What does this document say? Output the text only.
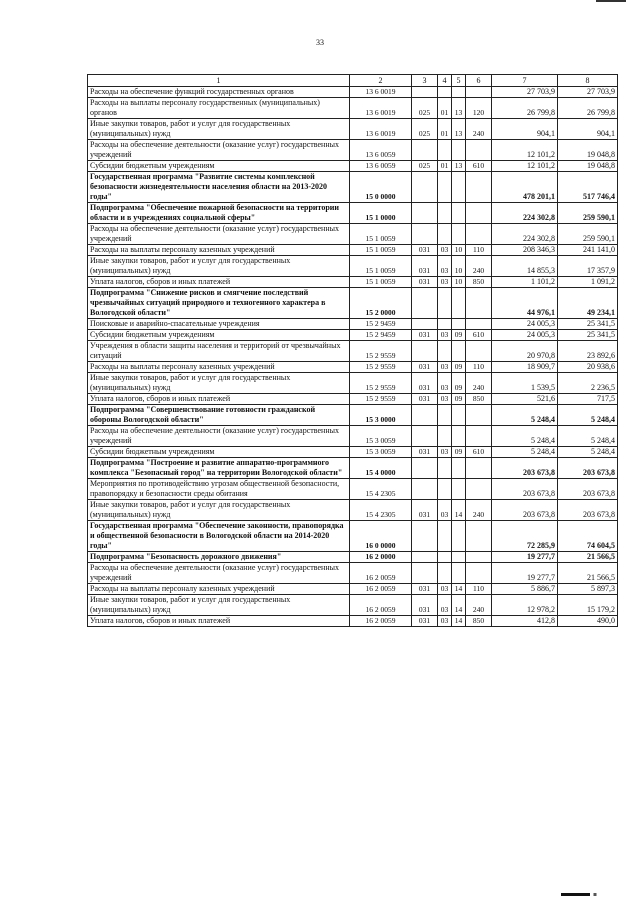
33
1	2	3	4	5	6	7	8
Расходы на обеспечение функций государственных органов	13 6 0019					27 703,9	27 703,9
Расходы на выплаты персоналу государственных (муниципальных) органов	13 6 0019	025	01	13	120	26 799,8	26 799,8
Иные закупки товаров, работ и услуг для государственных (муниципальных) нужд	13 6 0019	025	01	13	240	904,1	904,1
Расходы на обеспечение деятельности (оказание услуг) государственных учреждений	13 6 0059					12 101,2	19 048,8
Субсидии бюджетным учреждениям	13 6 0059	025	01	13	610	12 101,2	19 048,8
Государственная программа "Развитие системы комплексной безопасности жизнедеятельности населения области на 2013-2020 годы"	15 0 0000					478 201,1	517 746,4
Подпрограмма "Обеспечение пожарной безопасности на территории области и в учреждениях социальной сферы"	15 1 0000					224 302,8	259 590,1
Расходы на обеспечение деятельности (оказание услуг) государственных учреждений	15 1 0059					224 302,8	259 590,1
Расходы на выплаты персоналу казенных учреждений	15 1 0059	031	03	10	110	208 346,3	241 141,0
Иные закупки товаров, работ и услуг для государственных (муниципальных) нужд	15 1 0059	031	03	10	240	14 855,3	17 357,9
Уплата налогов, сборов и иных платежей	15 1 0059	031	03	10	850	1 101,2	1 091,2
Подпрограмма "Снижение рисков и смягчение последствий чрезвычайных ситуаций природного и техногенного характера в Вологодской области"	15 2 0000					44 976,1	49 234,1
Поисковые и аварийно-спасательные учреждения	15 2 9459					24 005,3	25 341,5
Субсидии бюджетным учреждениям	15 2 9459	031	03	09	610	24 005,3	25 341,5
Учреждения в области защиты населения и территорий от чрезвычайных ситуаций	15 2 9559					20 970,8	23 892,6
Расходы на выплаты персоналу казенных учреждений	15 2 9559	031	03	09	110	18 909,7	20 938,6
Иные закупки товаров, работ и услуг для государственных (муниципальных) нужд	15 2 9559	031	03	09	240	1 539,5	2 236,5
Уплата налогов, сборов и иных платежей	15 2 9559	031	03	09	850	521,6	717,5
Подпрограмма "Совершенствование готовности гражданской обороны Вологодской области"	15 3 0000					5 248,4	5 248,4
Расходы на обеспечение деятельности (оказание услуг) государственных учреждений	15 3 0059					5 248,4	5 248,4
Субсидии бюджетным учреждениям	15 3 0059	031	03	09	610	5 248,4	5 248,4
Подпрограмма "Построение и развитие аппаратно-программного комплекса "Безопасный город" на территории Вологодской области"	15 4 0000					203 673,8	203 673,8
Мероприятия по противодействию угрозам общественной безопасности, правопорядку и безопасности среды обитания	15 4 2305					203 673,8	203 673,8
Иные закупки товаров, работ и услуг для государственных (муниципальных) нужд	15 4 2305	031	03	14	240	203 673,8	203 673,8
Государственная программа "Обеспечение законности, правопорядка и общественной безопасности в Вологодской области на 2014-2020 годы"	16 0 0000					72 285,9	74 604,5
Подпрограмма "Безопасность дорожного движения"	16 2 0000					19 277,7	21 566,5
Расходы на обеспечение деятельности (оказание услуг) государственных учреждений	16 2 0059					19 277,7	21 566,5
Расходы на выплаты персоналу казенных учреждений	16 2 0059	031	03	14	110	5 886,7	5 897,3
Иные закупки товаров, работ и услуг для государственных (муниципальных) нужд	16 2 0059	031	03	14	240	12 978,2	15 179,2
Уплата налогов, сборов и иных платежей	16 2 0059	031	03	14	850	412,8	490,0
